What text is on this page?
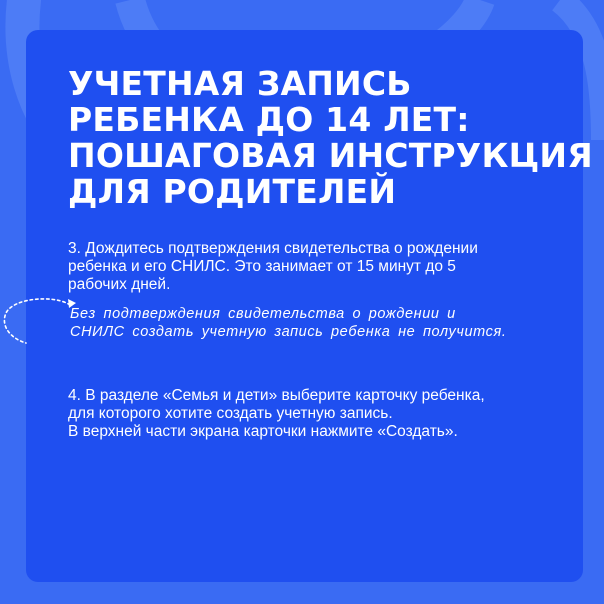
УЧЕТНАЯ ЗАПИСЬ
РЕБЕНКА ДО 14 ЛЕТ:
ПОШАГОВАЯ ИНСТРУКЦИЯ
ДЛЯ РОДИТЕЛЕЙ

3. Дождитесь подтверждения свидетельства о рождении
ребенка и его СНИЛС. Это занимает от 15 минут до 5
рабочих дней.

Без подтверждения свидетельства о рождении и
СНИЛС создать учетную запись ребенка не получится.

4. В разделе «Семья и дети» выберите карточку ребенка,
для которого хотите создать учетную запись.
В верхней части экрана карточки нажмите «Создать».
